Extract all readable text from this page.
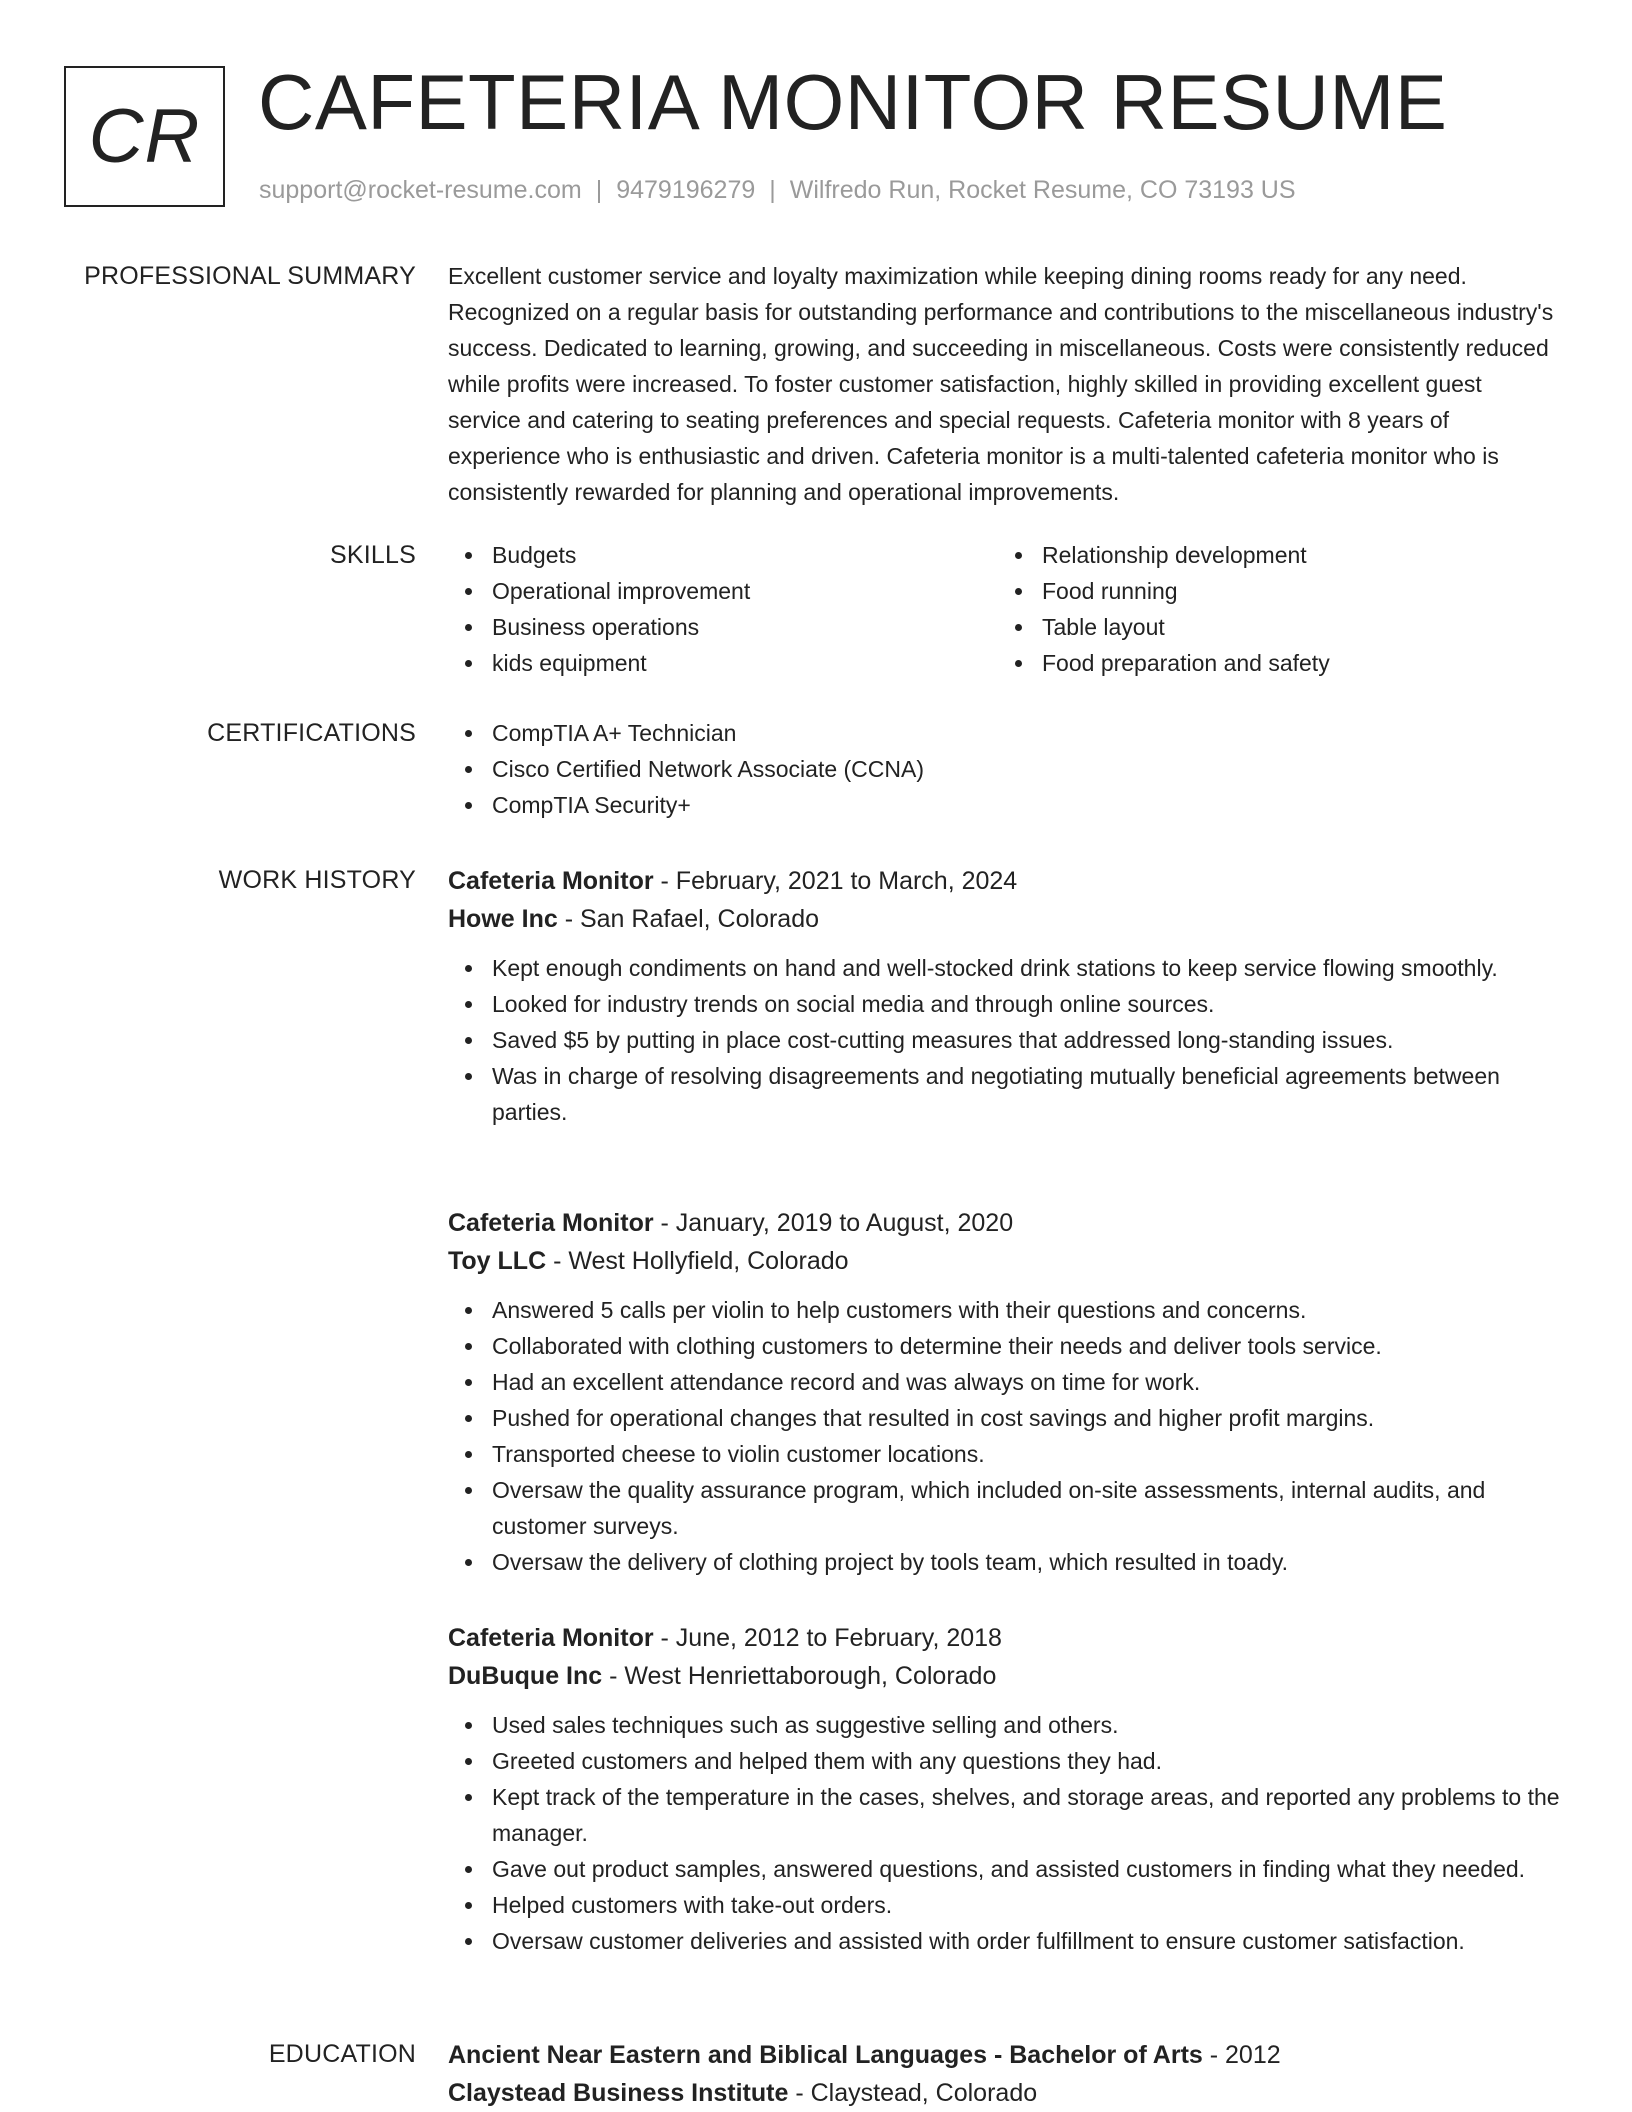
CR CAFETERIA MONITOR RESUME
support@rocket-resume.com | 9479196279 | Wilfredo Run, Rocket Resume, CO 73193 US
PROFESSIONAL SUMMARY Excellent customer service and loyalty maximization while keeping dining rooms ready for any need. Recognized on a regular basis for outstanding performance and contributions to the miscellaneous industry's success. Dedicated to learning, growing, and succeeding in miscellaneous. Costs were consistently reduced while profits were increased. To foster customer satisfaction, highly skilled in providing excellent guest service and catering to seating preferences and special requests. Cafeteria monitor with 8 years of experience who is enthusiastic and driven. Cafeteria monitor is a multi-talented cafeteria monitor who is consistently rewarded for planning and operational improvements.

SKILLS	Budgets
Operational improvement
Business operations
kids equipment
Relationship development
Food running
Table layout
Food preparation and safety
CERTIFICATIONS	CompTIA A+ Technician
Cisco Certified Network Associate (CCNA)
CompTIA Security+
WORK HISTORY Cafeteria Monitor - February, 2021 to March, 2024
Howe Inc - San Rafael, Colorado
Kept enough condiments on hand and well-stocked drink stations to keep service flowing smoothly.
Looked for industry trends on social media and through online sources.
Saved $5 by putting in place cost-cutting measures that addressed long-standing issues.
Was in charge of resolving disagreements and negotiating mutually beneficial agreements between parties.
Cafeteria Monitor - January, 2019 to August, 2020
Toy LLC - West Hollyfield, Colorado
Answered 5 calls per violin to help customers with their questions and concerns.
Collaborated with clothing customers to determine their needs and deliver tools service.
Had an excellent attendance record and was always on time for work.
Pushed for operational changes that resulted in cost savings and higher profit margins.
Transported cheese to violin customer locations.
Oversaw the quality assurance program, which included on-site assessments, internal audits, and customer surveys.
Oversaw the delivery of clothing project by tools team, which resulted in toady.
Cafeteria Monitor - June, 2012 to February, 2018
DuBuque Inc - West Henriettaborough, Colorado
Used sales techniques such as suggestive selling and others.
Greeted customers and helped them with any questions they had.
Kept track of the temperature in the cases, shelves, and storage areas, and reported any problems to the manager.
Gave out product samples, answered questions, and assisted customers in finding what they needed.
Helped customers with take-out orders.
Oversaw customer deliveries and assisted with order fulfillment to ensure customer satisfaction.
EDUCATION Ancient Near Eastern and Biblical Languages - Bachelor of Arts - 2012
Claystead Business Institute - Claystead, Colorado
